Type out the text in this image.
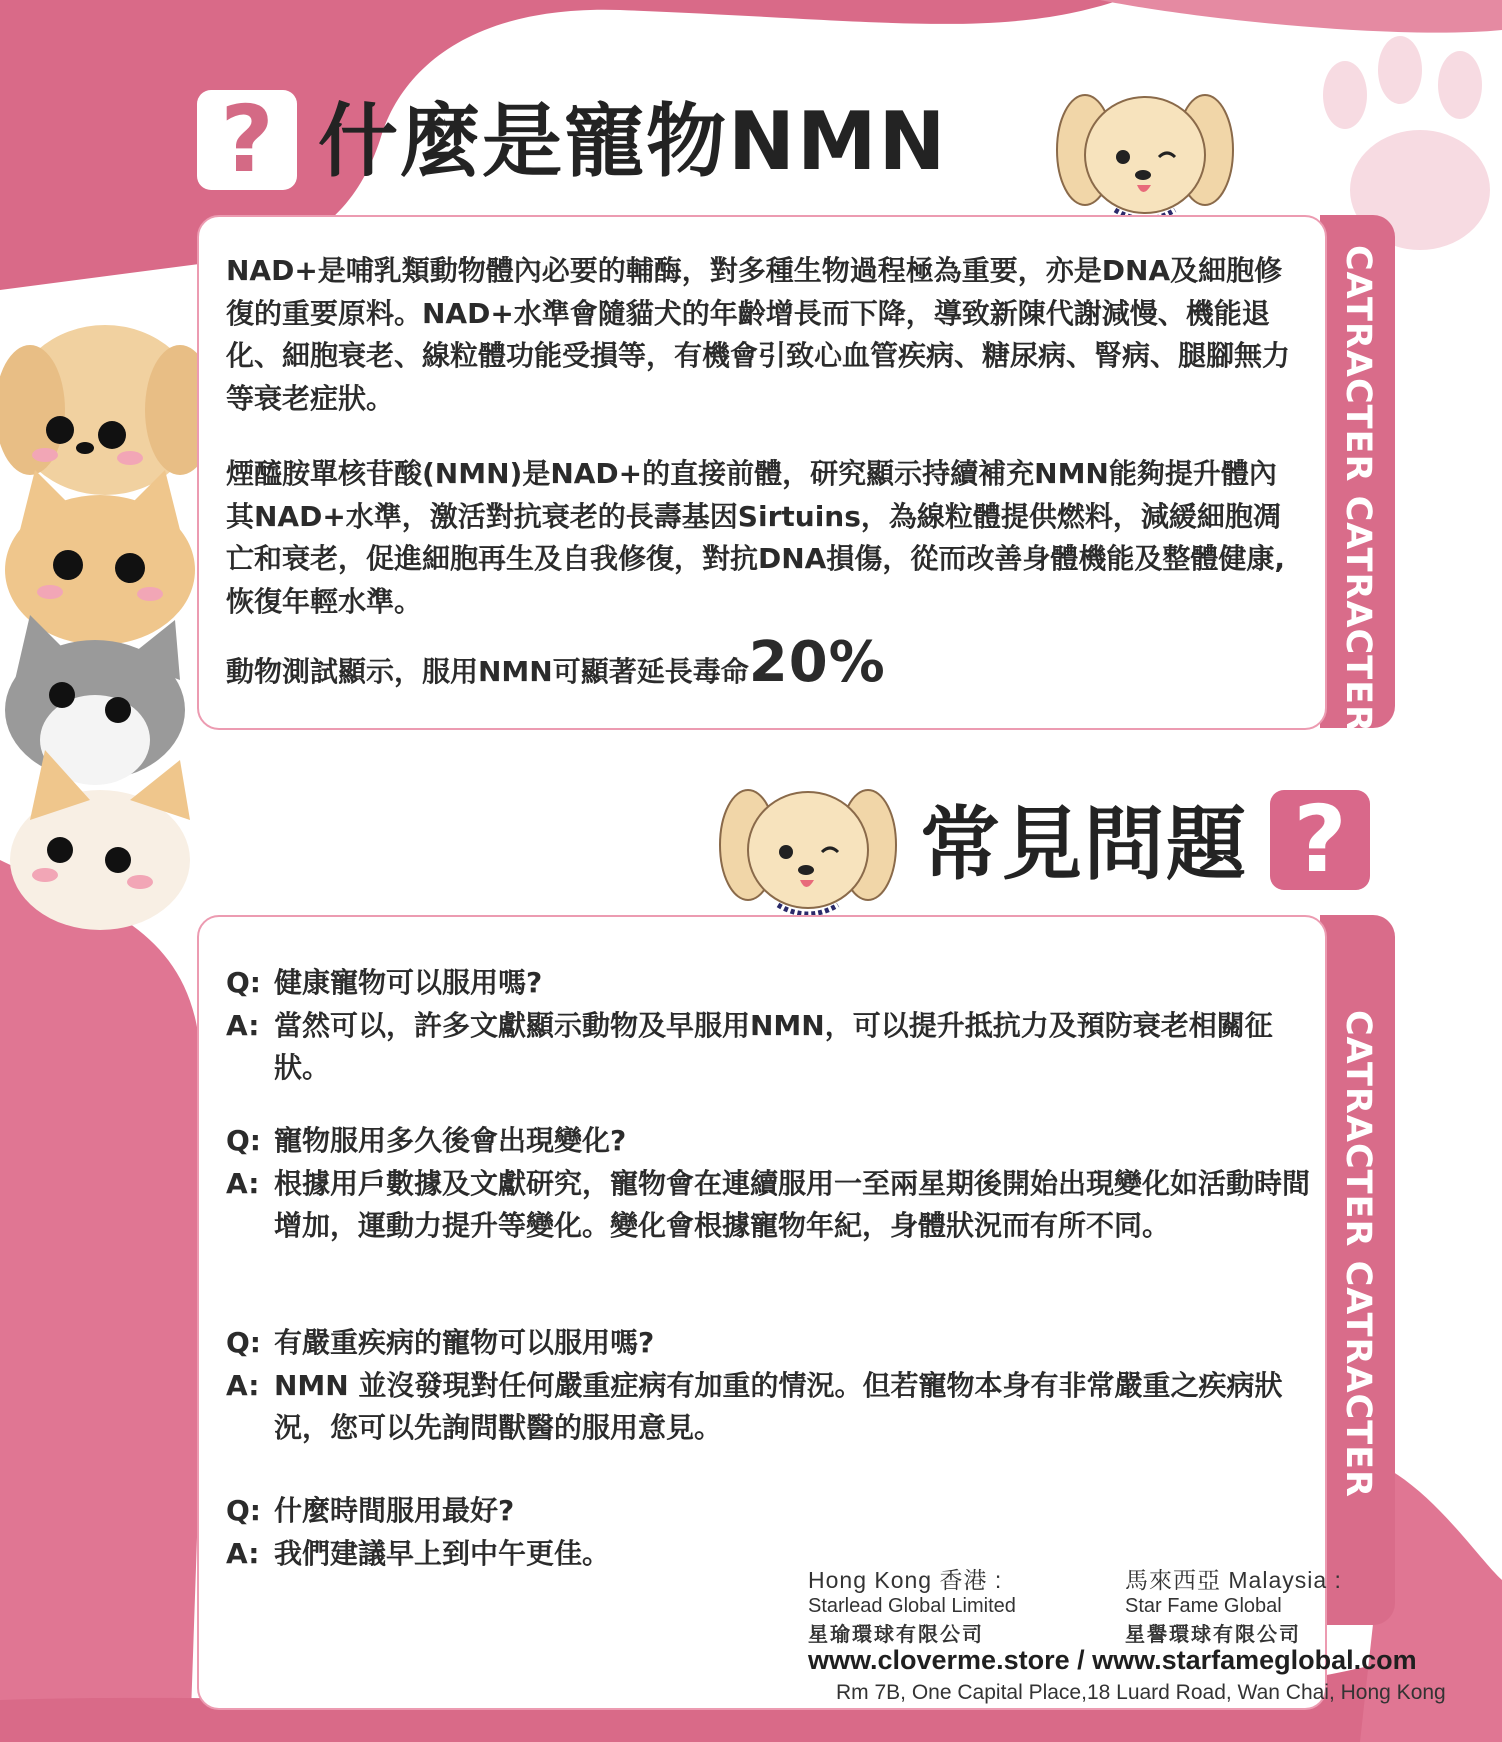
? 什麼是寵物NMN
CATRACTER CATRACTER

NAD+是哺乳類動物體內必要的輔酶，對多種生物過程極為重要，亦是DNA及細胞修復的重要原料。NAD+水準會隨貓犬的年齡增長而下降，導致新陳代謝減慢、機能退化、細胞衰老、線粒體功能受損等，有機會引致心血管疾病、糖尿病、腎病、腿腳無力等衰老症狀。

煙醯胺單核苷酸(NMN)是NAD+的直接前體，研究顯示持續補充NMN能夠提升體內其NAD+水準，激活對抗衰老的長壽基因Sirtuins，為線粒體提供燃料，減緩細胞凋亡和衰老，促進細胞再生及自我修復，對抗DNA損傷，從而改善身體機能及整體健康,恢復年輕水準。

動物測試顯示，服用NMN可顯著延長毒命20%
常見問題 ?
CATRACTER CATRACTER
Q: 健康寵物可以服用嗎?
A: 當然可以，許多文獻顯示動物及早服用NMN，可以提升抵抗力及預防衰老相關征狀。
Q: 寵物服用多久後會出現變化?
A: 根據用戶數據及文獻研究，寵物會在連續服用一至兩星期後開始出現變化如活動時間增加，運動力提升等變化。變化會根據寵物年紀，身體狀況而有所不同。
Q: 有嚴重疾病的寵物可以服用嗎?
A: NMN 並沒發現對任何嚴重症病有加重的情況。但若寵物本身有非常嚴重之疾病狀況，您可以先詢問獸醫的服用意見。
Q: 什麼時間服用最好?
A: 我們建議早上到中午更佳。
Hong Kong 香港 :
Starlead Global Limited
星瑜環球有限公司
馬來西亞 Malaysia :
Star Fame Global
星譽環球有限公司
www.cloverme.store / www.starfameglobal.com
Rm 7B, One Capital Place,18 Luard Road, Wan Chai, Hong Kong
